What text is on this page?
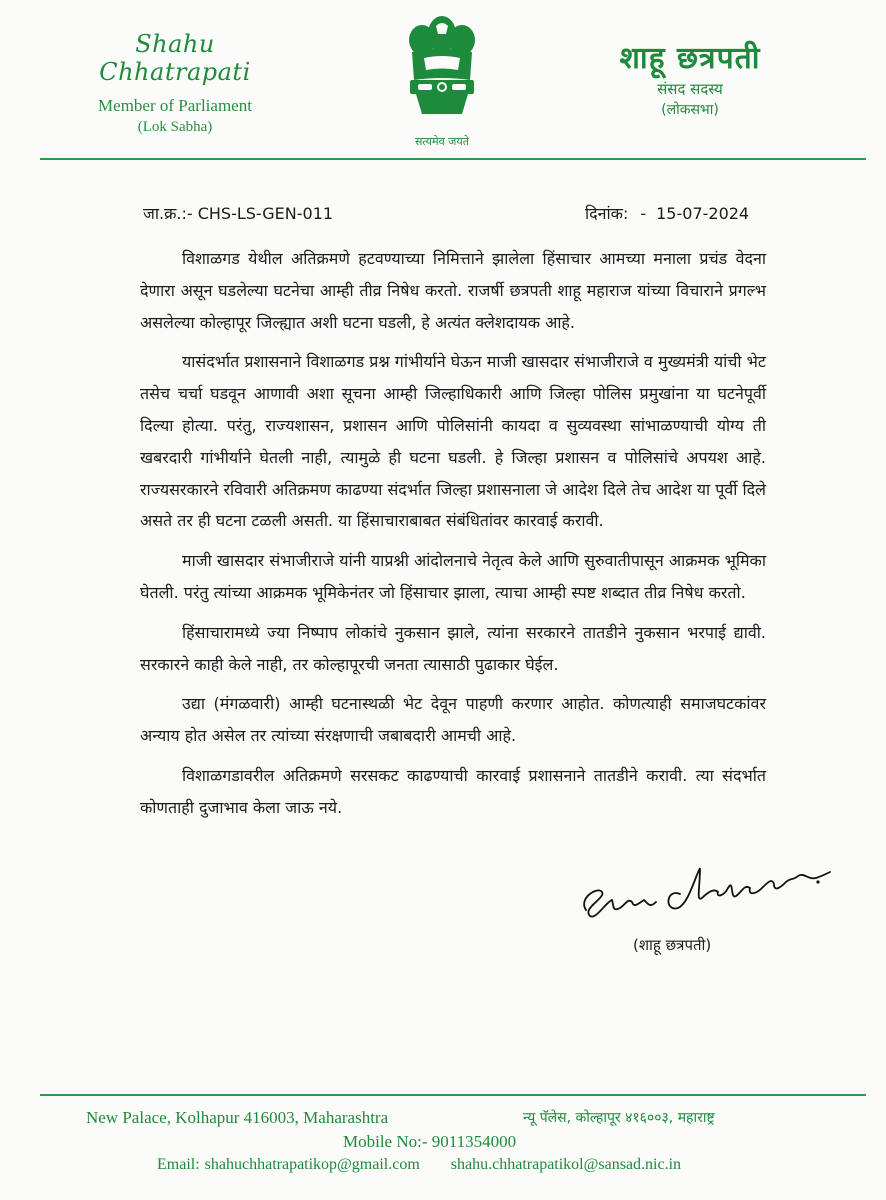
Shahu Chhatrapati
Member of Parliament
(Lok Sabha)
सत्यमेव जयते
शाहू छत्रपती
संसद सदस्य
(लोकसभा)
जा.क्र.:- CHS-LS-GEN-011	दिनांक: - 15-07-2024

विशाळगड येथील अतिक्रमणे हटवण्याच्या निमित्ताने झालेला हिंसाचार आमच्या मनाला प्रचंड वेदना देणारा असून घडलेल्या घटनेचा आम्ही तीव्र निषेध करतो. राजर्षी छत्रपती शाहू महाराज यांच्या विचाराने प्रगल्भ असलेल्या कोल्हापूर जिल्ह्यात अशी घटना घडली, हे अत्यंत क्लेशदायक आहे.

यासंदर्भात प्रशासनाने विशाळगड प्रश्न गांभीर्याने घेऊन माजी खासदार संभाजीराजे व मुख्यमंत्री यांची भेट तसेच चर्चा घडवून आणावी अशा सूचना आम्ही जिल्हाधिकारी आणि जिल्हा पोलिस प्रमुखांना या घटनेपूर्वी दिल्या होत्या. परंतु, राज्यशासन, प्रशासन आणि पोलिसांनी कायदा व सुव्यवस्था सांभाळण्याची योग्य ती खबरदारी गांभीर्याने घेतली नाही, त्यामुळे ही घटना घडली. हे जिल्हा प्रशासन व पोलिसांचे अपयश आहे. राज्यसरकारने रविवारी अतिक्रमण काढण्या संदर्भात जिल्हा प्रशासनाला जे आदेश दिले तेच आदेश या पूर्वी दिले असते तर ही घटना टळली असती. या हिंसाचाराबाबत संबंधितांवर कारवाई करावी.

माजी खासदार संभाजीराजे यांनी याप्रश्नी आंदोलनाचे नेतृत्व केले आणि सुरुवातीपासून आक्रमक भूमिका घेतली. परंतु त्यांच्या आक्रमक भूमिकेनंतर जो हिंसाचार झाला, त्याचा आम्ही स्पष्ट शब्दात तीव्र निषेध करतो.

हिंसाचारामध्ये ज्या निष्पाप लोकांचे नुकसान झाले, त्यांना सरकारने तातडीने नुकसान भरपाई द्यावी. सरकारने काही केले नाही, तर कोल्हापूरची जनता त्यासाठी पुढाकार घेईल.

उद्या (मंगळवारी) आम्ही घटनास्थळी भेट देवून पाहणी करणार आहोत. कोणत्याही समाजघटकांवर अन्याय होत असेल तर त्यांच्या संरक्षणाची जबाबदारी आमची आहे.

विशाळगडावरील अतिक्रमणे सरसकट काढण्याची कारवाई प्रशासनाने तातडीने करावी. त्या संदर्भात कोणताही दुजाभाव केला जाऊ नये.

(शाहू छत्रपती)
New Palace, Kolhapur 416003, Maharashtra	न्यू पॅलेस, कोल्हापूर ४१६००३, महाराष्ट्र
Mobile No:- 9011354000
Email: shahuchhatrapatikop@gmail.com shahu.chhatrapatikol@sansad.nic.in
